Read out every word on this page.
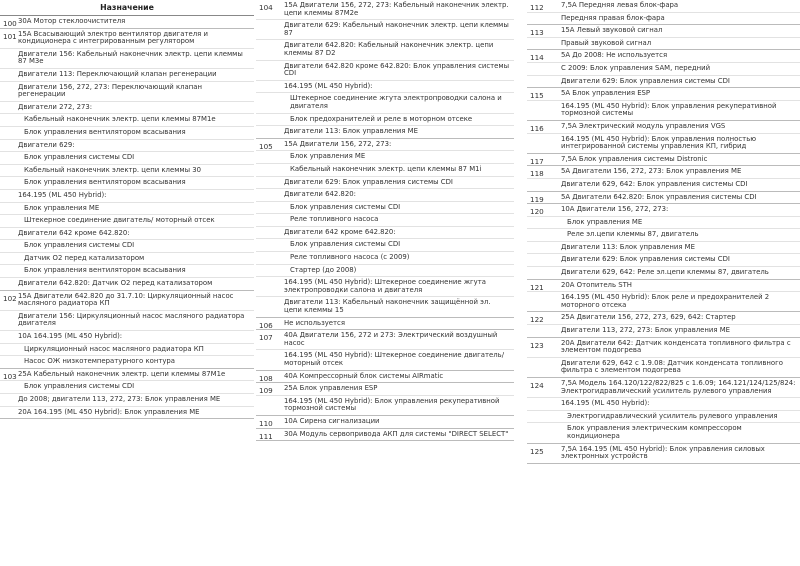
Назначение
100 30A Мотор стеклоочистителя
101 15A Всасывающий электро вентилятор двигателя и кондиционера с интегрированным регулятором
Двигатели 156: Кабельный наконечник электр. цепи клеммы 87 M3e
Двигатели 113: Переключающий клапан регенерации
Двигатели 156, 272, 273: Переключающий клапан регенерации
Двигатели 272, 273:
Кабельный наконечник электр. цепи клеммы 87M1e
Блок управления вентилятором всасывания
Двигатели 629:
Блок управления системы CDI
Кабельный наконечник электр. цепи клеммы 30
Блок управления вентилятором всасывания
164.195 (ML 450 Hybrid):
Блок управления ME
Штекерное соединение двигатель/ моторный отсек
Двигатели 642 кроме 642.820:
Блок управления системы CDI
Датчик O2 перед катализатором
Блок управления вентилятором всасывания
Двигатели 642.820: Датчик O2 перед катализатором
102 15A Двигатели 642.820 до 31.7.10: Циркуляционный насос масляного радиатора КП
Двигатели 156: Циркуляционный насос масляного радиатора двигателя
10A 164.195 (ML 450 Hybrid):
Циркуляционный насос масляного радиатора КП
Насос ОЖ низкотемпературного контура
103 25A Кабельный наконечник электр. цепи клеммы 87M1e
Блок управления системы CDI
До 2008; двигатели 113, 272, 273: Блок управления ME
20A 164.195 (ML 450 Hybrid): Блок управления ME
104	15A Двигатели 156, 272, 273: Кабельный наконечник электр. цепи клеммы 87M2e
Двигатели 629: Кабельный наконечник электр. цепи клеммы 87
Двигатели 642.820: Кабельный наконечник электр. цепи клеммы 87 D2
Двигатели 642.820 кроме 642.820: Блок управления системы CDI
164.195 (ML 450 Hybrid):
Штекерное соединение жгута электропроводки салона и двигателя
Блок предохранителей и реле в моторном отсеке
Двигатели 113: Блок управления ME
105	15A Двигатели 156, 272, 273:
Блок управления ME
Кабельный наконечник электр. цепи клеммы 87 M1i
Двигатели 629: Блок управления системы CDI
Двигатели 642.820:
Блок управления системы CDI
Реле топливного насоса
Двигатели 642 кроме 642.820:
Блок управления системы CDI
Реле топливного насоса (с 2009)
Стартер (до 2008)
164.195 (ML 450 Hybrid): Штекерное соединение жгута электропроводки салона и двигателя
Двигатели 113: Кабельный наконечник защищённой эл. цепи клеммы 15
106	Не используется
107	40A Двигатели 156, 272 и 273: Электрический воздушный насос
164.195 (ML 450 Hybrid): Штекерное соединение двигатель/ моторный отсек
108	40A Компрессорный блок системы AIRmatic
109	25A Блок управления ESP
164.195 (ML 450 Hybrid): Блок управления рекуперативной тормозной системы
110	10A Сирена сигнализации
111	30A Модуль сервопривода АКП для системы "DIRECT SELECT"
112	7,5A Передняя левая блок-фара
Передняя правая блок-фара
113	15A Левый звуковой сигнал
Правый звуковой сигнал
114	5A До 2008: Не используется
С 2009: Блок управления SAM, передний
Двигатели 629: Блок управления системы CDI
115	5A Блок управления ESP
164.195 (ML 450 Hybrid): Блок управления рекуперативной тормозной системы
116	7,5A Электрический модуль управления VGS
164.195 (ML 450 Hybrid): Блок управления полностью интегрированной системы управления КП, гибрид
117	7,5A Блок управления системы Distronic
118	5A Двигатели 156, 272, 273: Блок управления ME
Двигатели 629, 642: Блок управления системы CDI
119	5A Двигатели 642.820: Блок управления системы CDI
120	10A Двигатели 156, 272, 273:
Блок управления ME
Реле эл.цепи клеммы 87, двигатель
Двигатели 113: Блок управления ME
Двигатели 629: Блок управления системы CDI
Двигатели 629, 642: Реле эл.цепи клеммы 87, двигатель
121	20A Отопитель STH
164.195 (ML 450 Hybrid): Блок реле и предохранителей 2 моторного отсека
122	25A Двигатели 156, 272, 273, 629, 642: Стартер
Двигатели 113, 272, 273: Блок управления ME
123	20A Двигатели 642: Датчик конденсата топливного фильтра с элементом подогрева
Двигатели 629, 642 с 1.9.08: Датчик конденсата топливного фильтра с элементом подогрева
124	7,5A Модель 164.120/122/822/825 с 1.6.09; 164.121/124/125/824: Электрогидравлический усилитель рулевого управления
164.195 (ML 450 Hybrid):
Электрогидравлический усилитель рулевого управления
Блок управления электрическим компрессором кондиционера
125	7,5A 164.195 (ML 450 Hybrid): Блок управления силовых электронных устройств
